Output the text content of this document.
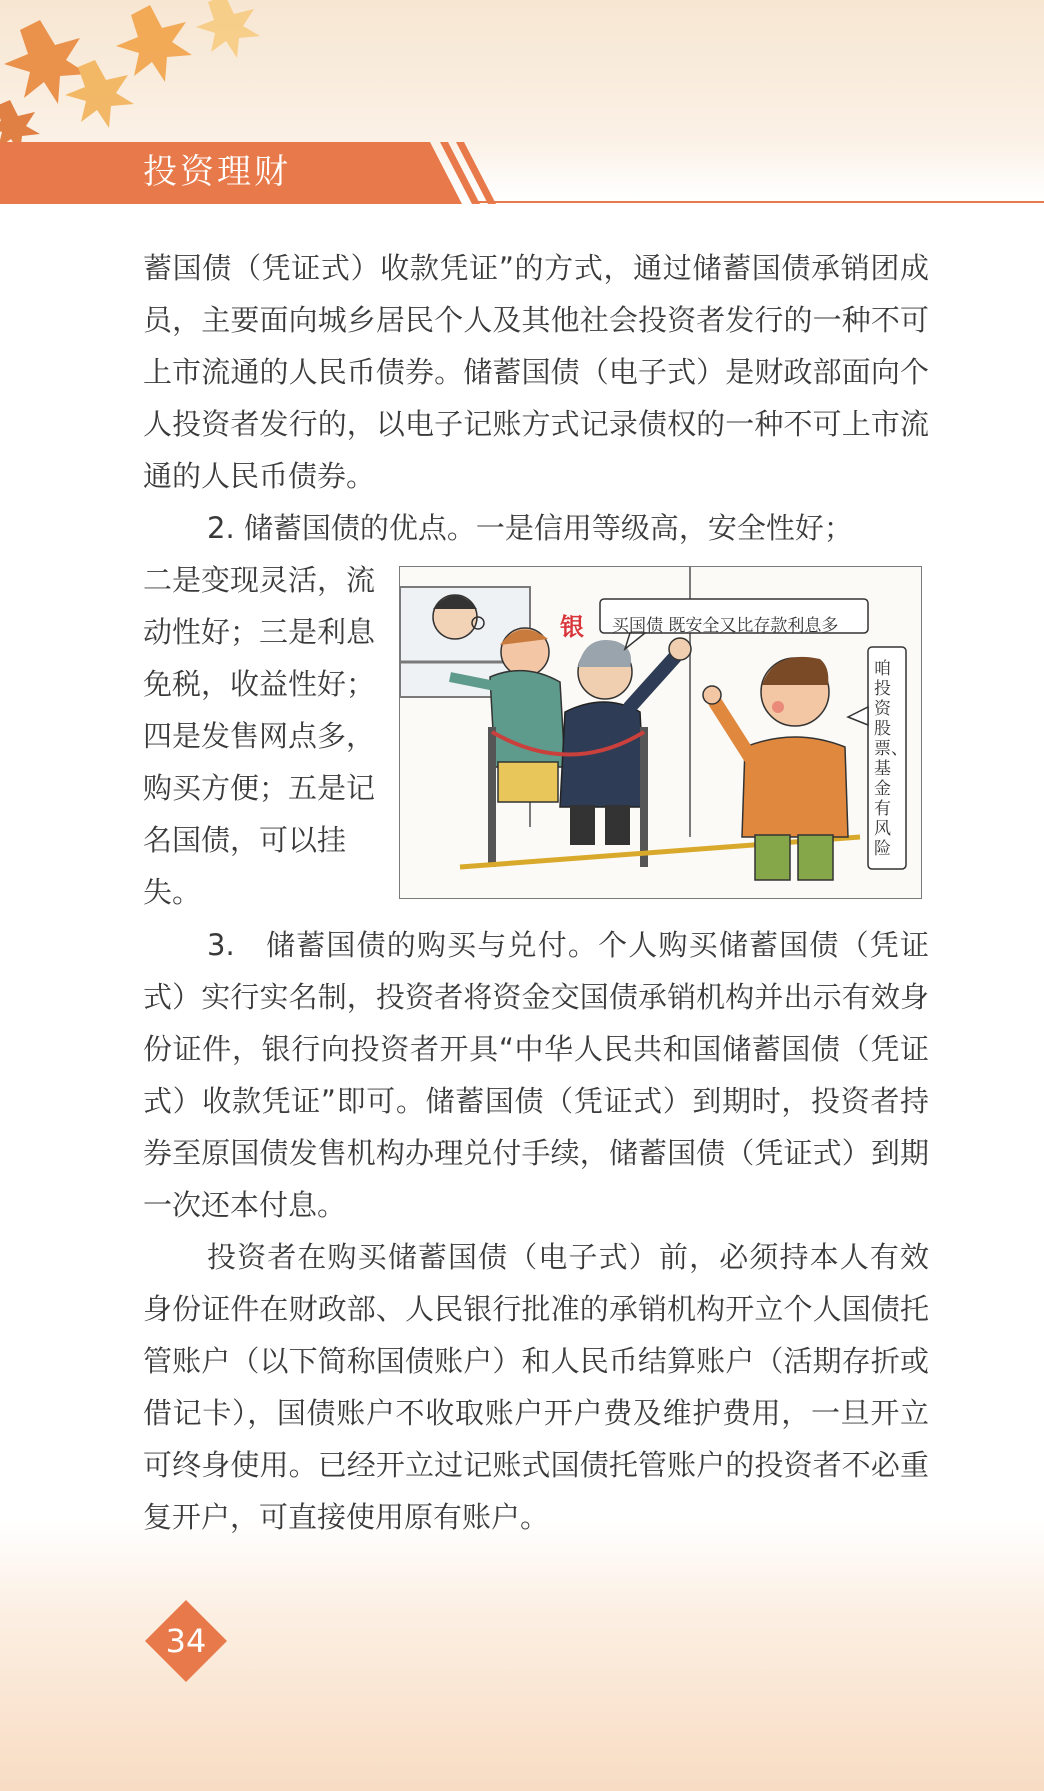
投资理财

蓄国债（凭证式）收款凭证”的方式，通过储蓄国债承销团成员，主要面向城乡居民个人及其他社会投资者发行的一种不可上市流通的人民币债券。储蓄国债（电子式）是财政部面向个人投资者发行的，以电子记账方式记录债权的一种不可上市流通的人民币债券。

2. 储蓄国债的优点。一是信用等级高，安全性好；

二是变现灵活，流动性好；三是利息免税，收益性好；四是发售网点多，购买方便；五是记名国债，可以挂失。

银 买国债 既安全又比存款利息多
咱投资股票、基金有风险

3.　储蓄国债的购买与兑付。个人购买储蓄国债（凭证式）实行实名制，投资者将资金交国债承销机构并出示有效身份证件，银行向投资者开具“中华人民共和国储蓄国债（凭证式）收款凭证”即可。储蓄国债（凭证式）到期时，投资者持券至原国债发售机构办理兑付手续，储蓄国债（凭证式）到期一次还本付息。

投资者在购买储蓄国债（电子式）前，必须持本人有效身份证件在财政部、人民银行批准的承销机构开立个人国债托管账户（以下简称国债账户）和人民币结算账户（活期存折或借记卡），国债账户不收取账户开户费及维护费用，一旦开立可终身使用。已经开立过记账式国债托管账户的投资者不必重复开户，可直接使用原有账户。

34
